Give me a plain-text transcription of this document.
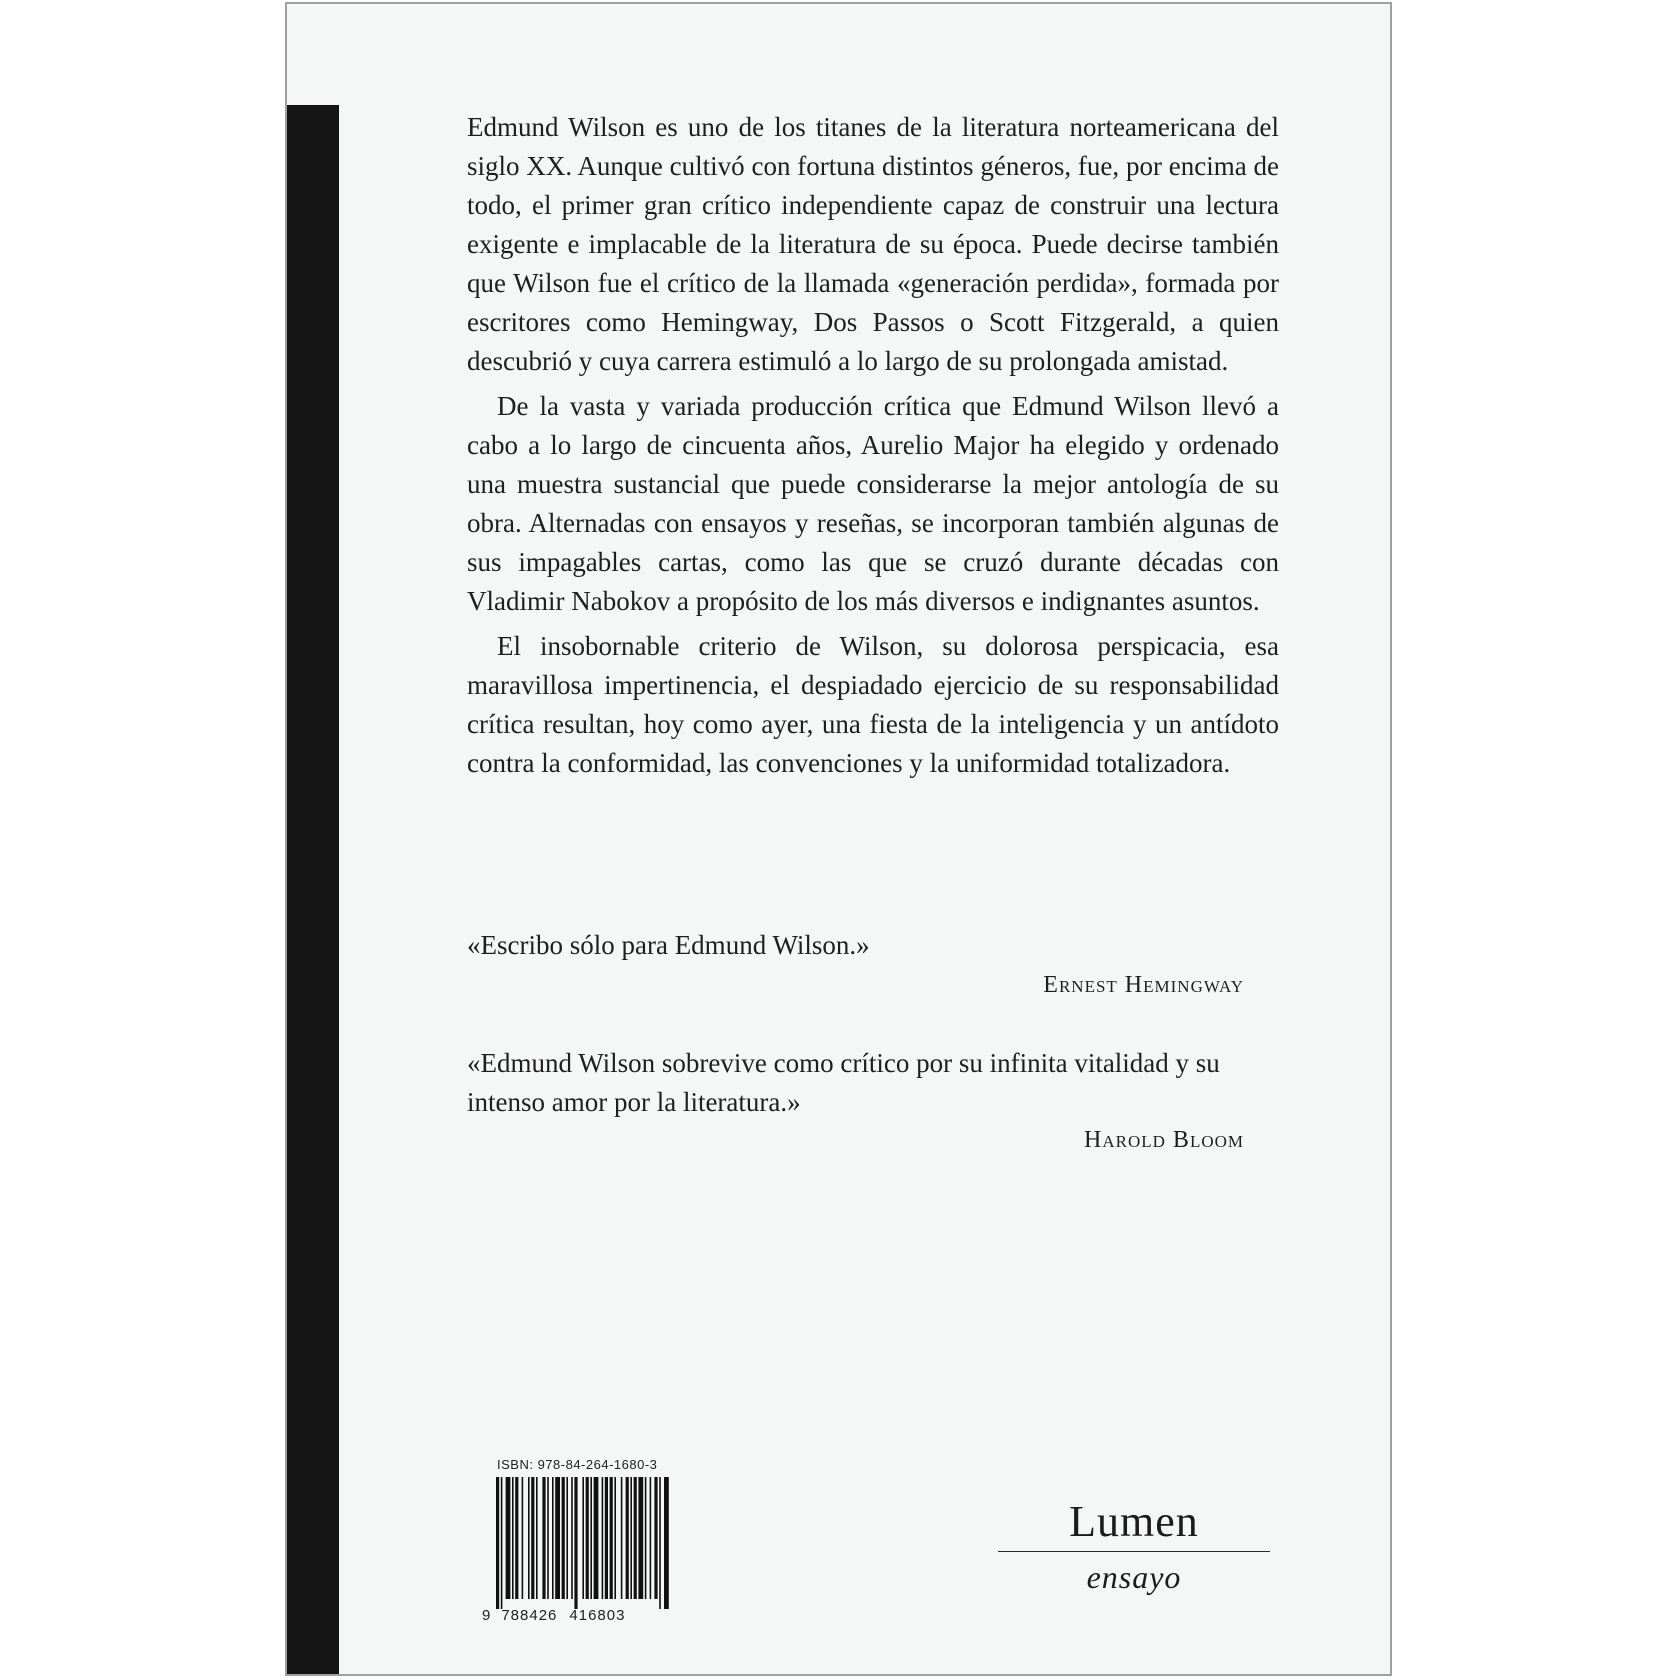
Edmund Wilson es uno de los titanes de la literatura norteamericana del siglo XX. Aunque cultivó con fortuna distintos géneros, fue, por encima de todo, el primer gran crítico independiente capaz de construir una lectura exigente e implacable de la literatura de su época. Puede decirse también que Wilson fue el crítico de la llamada «generación perdida», formada por escritores como Hemingway, Dos Passos o Scott Fitzgerald, a quien descubrió y cuya carrera estimuló a lo largo de su prolongada amistad.

De la vasta y variada producción crítica que Edmund Wilson llevó a cabo a lo largo de cincuenta años, Aurelio Major ha elegido y ordenado una muestra sustancial que puede considerarse la mejor antología de su obra. Alternadas con ensayos y reseñas, se incorporan también algunas de sus impagables cartas, como las que se cruzó durante décadas con Vladimir Nabokov a propósito de los más diversos e indignantes asuntos.

El insobornable criterio de Wilson, su dolorosa perspicacia, esa maravillosa impertinencia, el despiadado ejercicio de su responsabilidad crítica resultan, hoy como ayer, una fiesta de la inteligencia y un antídoto contra la conformidad, las convenciones y la uniformidad totalizadora.

«Escribo sólo para Edmund Wilson.»

Ernest Hemingway

«Edmund Wilson sobrevive como crítico por su infinita vitalidad y su intenso amor por la literatura.»

Harold Bloom

ISBN: 978-84-264-1680-3
9 788426 416803
Lumen
ensayo
